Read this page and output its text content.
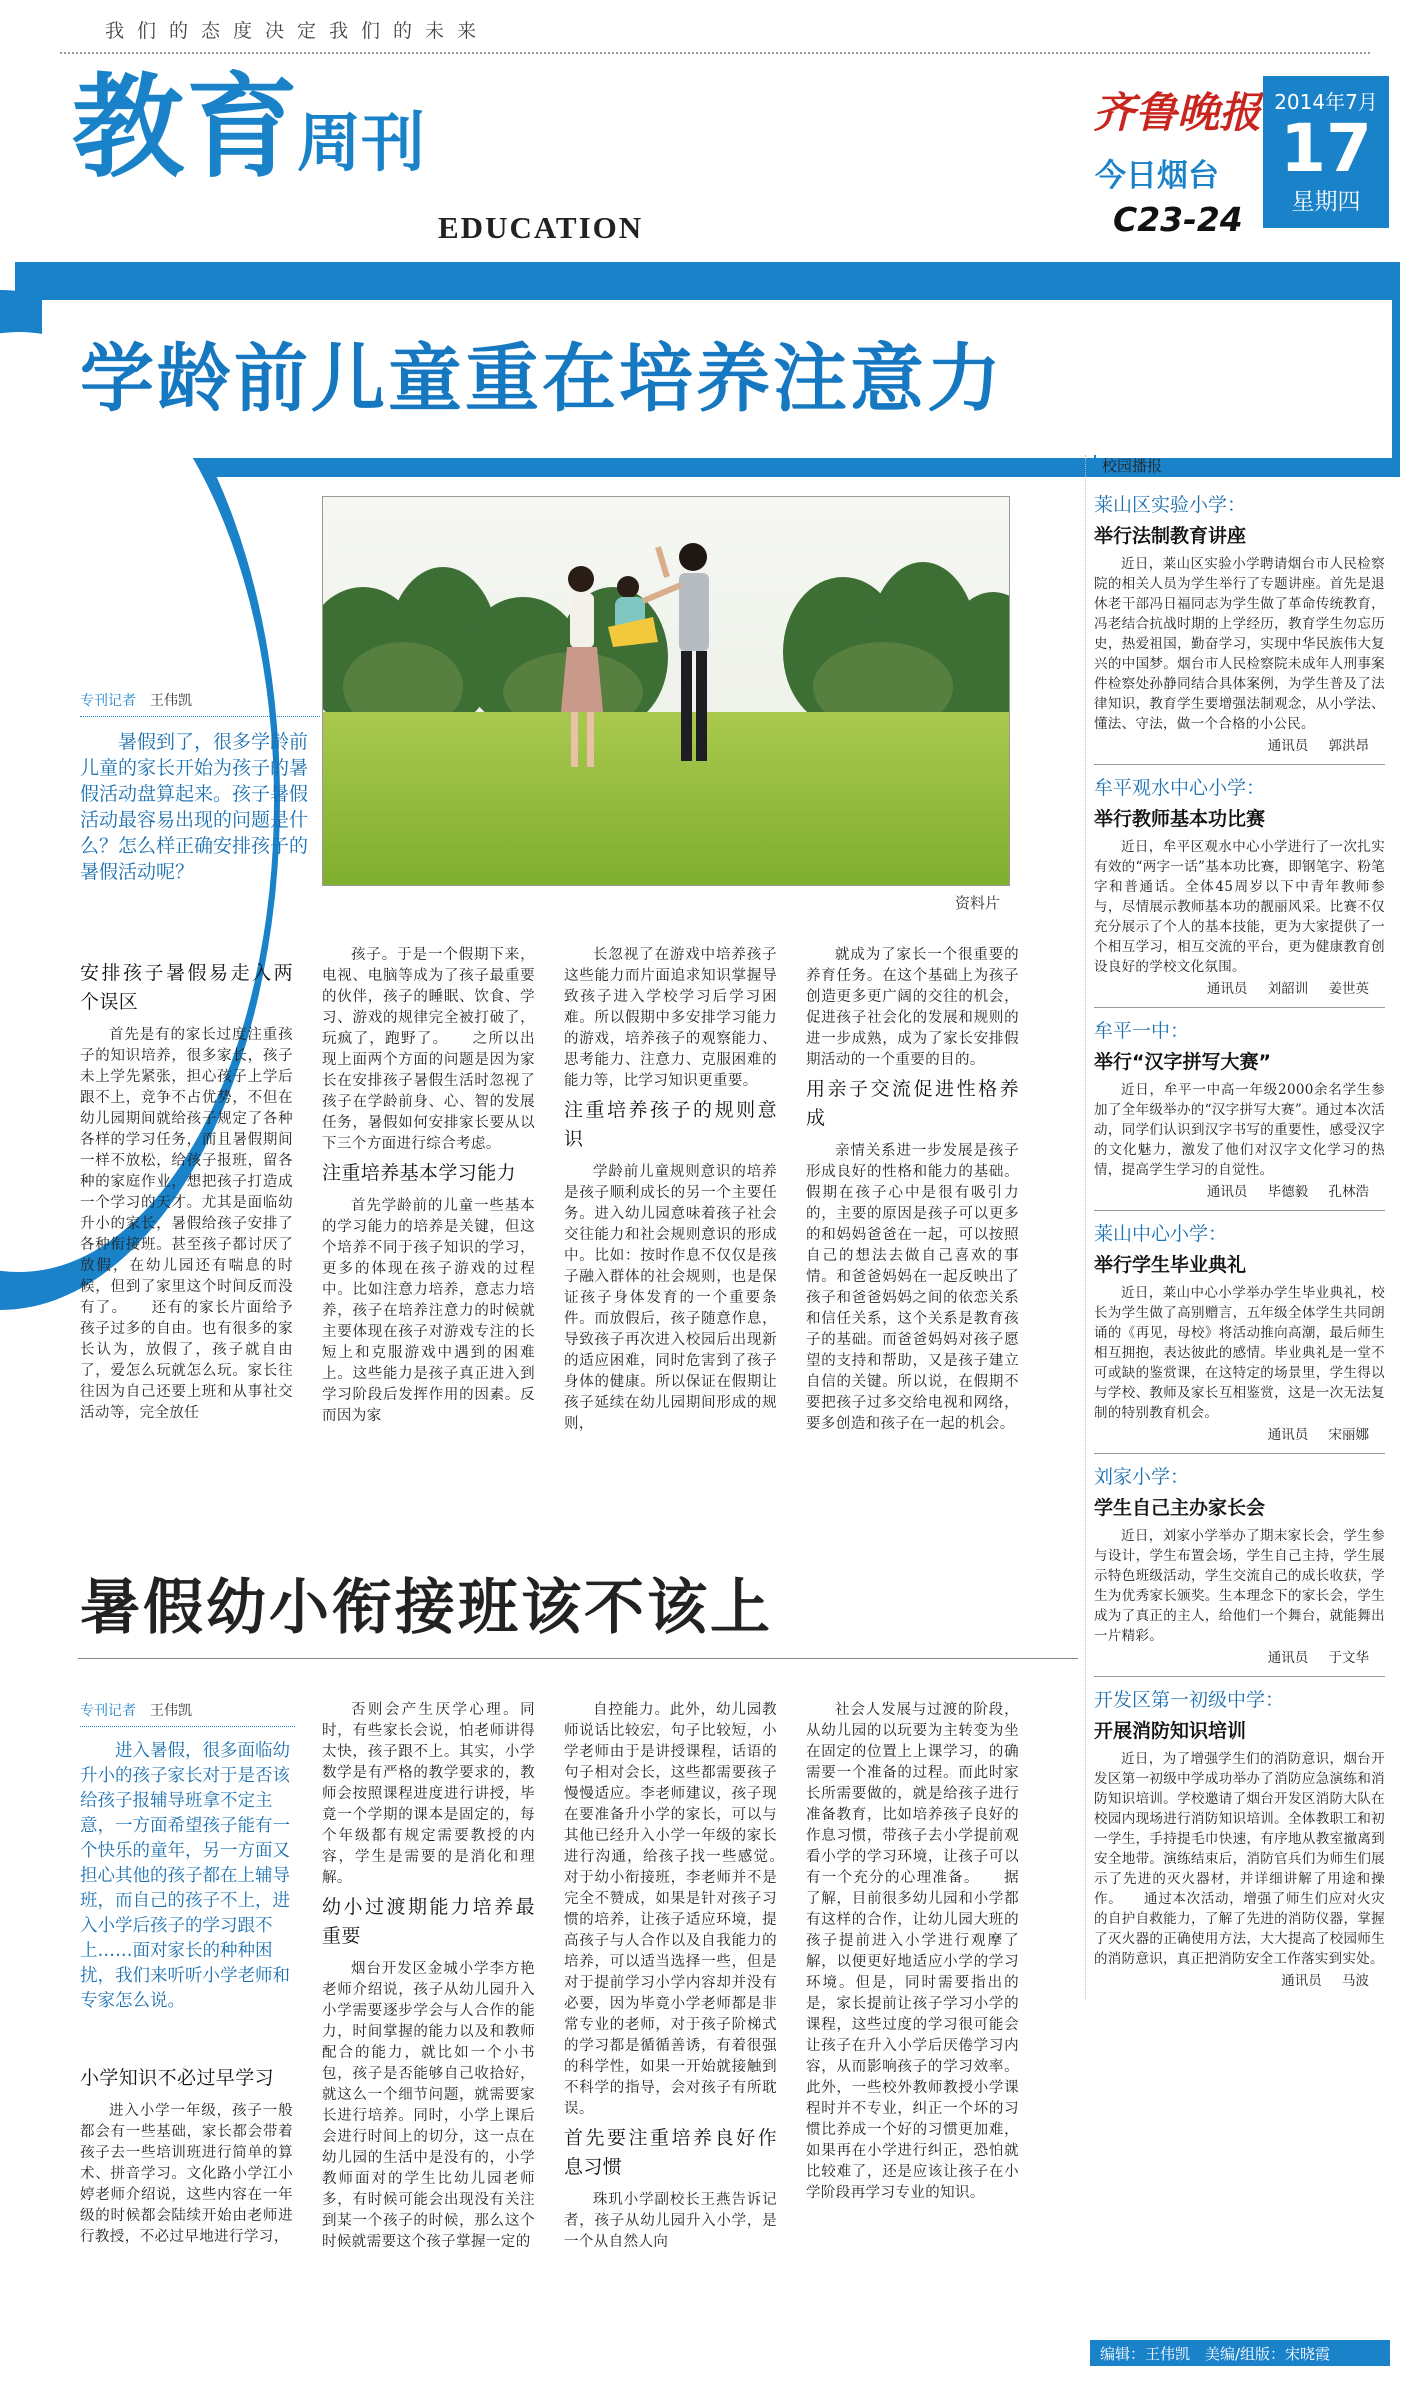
我们的态度决定我们的未来
教育
周刊
EDUCATION
齐鲁晚报
今日烟台
C23-24
2014年7月
17
星期四
学龄前儿童重在培养注意力
资料片
专刊记者 王伟凯
暑假到了，很多学龄前儿童的家长开始为孩子的暑假活动盘算起来。孩子暑假活动最容易出现的问题是什么？怎么样正确安排孩子的暑假活动呢？
安排孩子暑假易走入两个误区

首先是有的家长过度注重孩子的知识培养，很多家长，孩子未上学先紧张，担心孩子上学后跟不上，竞争不占优势，不但在幼儿园期间就给孩子规定了各种各样的学习任务，而且暑假期间一样不放松，给孩子报班，留各种的家庭作业，想把孩子打造成一个学习的天才。尤其是面临幼升小的家长，暑假给孩子安排了各种衔接班。甚至孩子都讨厌了放假，在幼儿园还有喘息的时候，但到了家里这个时间反而没有了。　　还有的家长片面给予孩子过多的自由。也有很多的家长认为，放假了，孩子就自由了，爱怎么玩就怎么玩。家长往往因为自己还要上班和从事社交活动等，完全放任

孩子。于是一个假期下来，电视、电脑等成为了孩子最重要的伙伴，孩子的睡眠、饮食、学习、游戏的规律完全被打破了，玩疯了，跑野了。　　之所以出现上面两个方面的问题是因为家长在安排孩子暑假生活时忽视了孩子在学龄前身、心、智的发展任务，暑假如何安排家长要从以下三个方面进行综合考虑。

注重培养基本学习能力

首先学龄前的儿童一些基本的学习能力的培养是关键，但这个培养不同于孩子知识的学习，更多的体现在孩子游戏的过程中。比如注意力培养，意志力培养，孩子在培养注意力的时候就主要体现在孩子对游戏专注的长短上和克服游戏中遇到的困难上。这些能力是孩子真正进入到学习阶段后发挥作用的因素。反而因为家

长忽视了在游戏中培养孩子这些能力而片面追求知识掌握导致孩子进入学校学习后学习困难。所以假期中多安排学习能力的游戏，培养孩子的观察能力、思考能力、注意力、克服困难的能力等，比学习知识更重要。

注重培养孩子的规则意识

学龄前儿童规则意识的培养是孩子顺利成长的另一个主要任务。进入幼儿园意味着孩子社会交往能力和社会规则意识的形成中。比如：按时作息不仅仅是孩子融入群体的社会规则，也是保证孩子身体发育的一个重要条件。而放假后，孩子随意作息，导致孩子再次进入校园后出现新的适应困难，同时危害到了孩子身体的健康。所以保证在假期让孩子延续在幼儿园期间形成的规则，

就成为了家长一个很重要的养育任务。在这个基础上为孩子创造更多更广阔的交往的机会，促进孩子社会化的发展和规则的进一步成熟，成为了家长安排假期活动的一个重要的目的。

用亲子交流促进性格养成

亲情关系进一步发展是孩子形成良好的性格和能力的基础。假期在孩子心中是很有吸引力的，主要的原因是孩子可以更多的和妈妈爸爸在一起，可以按照自己的想法去做自己喜欢的事情。和爸爸妈妈在一起反映出了孩子和爸爸妈妈之间的依恋关系和信任关系，这个关系是教育孩子的基础。而爸爸妈妈对孩子愿望的支持和帮助，又是孩子建立自信的关键。所以说，在假期不要把孩子过多交给电视和网络，要多创造和孩子在一起的机会。

暑假幼小衔接班该不该上
专刊记者 王伟凯
进入暑假，很多面临幼升小的孩子家长对于是否该给孩子报辅导班拿不定主意，一方面希望孩子能有一个快乐的童年，另一方面又担心其他的孩子都在上辅导班，而自己的孩子不上，进入小学后孩子的学习跟不上……面对家长的种种困扰，我们来听听小学老师和专家怎么说。
小学知识不必过早学习

进入小学一年级，孩子一般都会有一些基础，家长都会带着孩子去一些培训班进行简单的算术、拼音学习。文化路小学江小婷老师介绍说，这些内容在一年级的时候都会陆续开始由老师进行教授，不必过早地进行学习，

否则会产生厌学心理。同时，有些家长会说，怕老师讲得太快，孩子跟不上。其实，小学数学是有严格的教学要求的，教师会按照课程进度进行讲授，毕竟一个学期的课本是固定的，每个年级都有规定需要教授的内容，学生是需要的是消化和理解。

幼小过渡期能力培养最重要

烟台开发区金城小学李方艳老师介绍说，孩子从幼儿园升入小学需要逐步学会与人合作的能力，时间掌握的能力以及和教师配合的能力，就比如一个小书包，孩子是否能够自己收拾好，就这么一个细节问题，就需要家长进行培养。同时，小学上课后会进行时间上的切分，这一点在幼儿园的生活中是没有的，小学教师面对的学生比幼儿园老师多，有时候可能会出现没有关注到某一个孩子的时候，那么这个时候就需要这个孩子掌握一定的

自控能力。此外，幼儿园教师说话比较宏，句子比较短，小学老师由于是讲授课程，话语的句子相对会长，这些都需要孩子慢慢适应。李老师建议，孩子现在要准备升小学的家长，可以与其他已经升入小学一年级的家长进行沟通，给孩子找一些感觉。　　对于幼小衔接班，李老师并不是完全不赞成，如果是针对孩子习惯的培养，让孩子适应环境，提高孩子与人合作以及自我能力的培养，可以适当选择一些，但是对于提前学习小学内容却并没有必要，因为毕竟小学老师都是非常专业的老师，对于孩子阶梯式的学习都是循循善诱，有着很强的科学性，如果一开始就接触到不科学的指导，会对孩子有所耽误。

首先要注重培养良好作息习惯

珠玑小学副校长王燕告诉记者，孩子从幼儿园升入小学，是一个从自然人向

社会人发展与过渡的阶段，从幼儿园的以玩要为主转变为坐在固定的位置上上课学习，的确需要一个准备的过程。而此时家长所需要做的，就是给孩子进行准备教育，比如培养孩子良好的作息习惯，带孩子去小学提前观看小学的学习环境，让孩子可以有一个充分的心理准备。　　据了解，目前很多幼儿园和小学都有这样的合作，让幼儿园大班的孩子提前进入小学进行观摩了解，以便更好地适应小学的学习环境。但是，同时需要指出的是，家长提前让孩子学习小学的课程，这些过度的学习很可能会让孩子在升入小学后厌倦学习内容，从而影响孩子的学习效率。此外，一些校外教师教授小学课程时并不专业，纠正一个坏的习惯比养成一个好的习惯更加难，如果再在小学进行纠正，恐怕就比较难了，还是应该让孩子在小学阶段再学习专业的知识。

校园播报
莱山区实验小学：
举行法制教育讲座
近日，莱山区实验小学聘请烟台市人民检察院的相关人员为学生举行了专题讲座。首先是退休老干部冯日福同志为学生做了革命传统教育，冯老结合抗战时期的上学经历，教育学生勿忘历史，热爱祖国，勤奋学习，实现中华民族伟大复兴的中国梦。烟台市人民检察院未成年人刑事案件检察处孙静同结合具体案例，为学生普及了法律知识，教育学生要增强法制观念，从小学法、懂法、守法，做一个合格的小公民。
通讯员 郭洪昂
牟平观水中心小学：
举行教师基本功比赛
近日，牟平区观水中心小学进行了一次扎实有效的“两字一话”基本功比赛，即钢笔字、粉笔字和普通话。全体45周岁以下中青年教师参与，尽情展示教师基本功的靓丽风采。比赛不仅充分展示了个人的基本技能，更为大家提供了一个相互学习，相互交流的平台，更为健康教育创设良好的学校文化氛围。
通讯员 刘韶训 姜世英
牟平一中：
举行“汉字拼写大赛”
近日，牟平一中高一年级2000余名学生参加了全年级举办的“汉字拼写大赛”。通过本次活动，同学们认识到汉字书写的重要性，感受汉字的文化魅力，激发了他们对汉字文化学习的热情，提高学生学习的自觉性。
通讯员 毕德毅 孔林浩
莱山中心小学：
举行学生毕业典礼
近日，莱山中心小学举办学生毕业典礼，校长为学生做了高别赠言，五年级全体学生共同朗诵的《再见，母校》将活动推向高潮，最后师生相互拥抱，表达彼此的感情。毕业典礼是一堂不可或缺的鉴赏课，在这特定的场景里，学生得以与学校、教师及家长互相鉴赏，这是一次无法复制的特别教育机会。
通讯员 宋丽娜
刘家小学：
学生自己主办家长会
近日，刘家小学举办了期末家长会，学生参与设计，学生布置会场，学生自己主持，学生展示特色班级活动，学生交流自己的成长收获，学生为优秀家长颁奖。生本理念下的家长会，学生成为了真正的主人，给他们一个舞台，就能舞出一片精彩。
通讯员 于文华
开发区第一初级中学：
开展消防知识培训
近日，为了增强学生们的消防意识，烟台开发区第一初级中学成功举办了消防应急演练和消防知识培训。学校邀请了烟台开发区消防大队在校园内现场进行消防知识培训。全体教职工和初一学生，手持提毛巾快速，有序地从教室撤离到安全地带。演练结束后，消防官兵们为师生们展示了先进的灭火器材，并详细讲解了用途和操作。　　通过本次活动，增强了师生们应对火灾的自护自救能力，了解了先进的消防仪器，掌握了灭火器的正确使用方法，大大提高了校园师生的消防意识，真正把消防安全工作落实到实处。
通讯员 马波
编辑：王伟凯　美编/组版：宋晓霞
